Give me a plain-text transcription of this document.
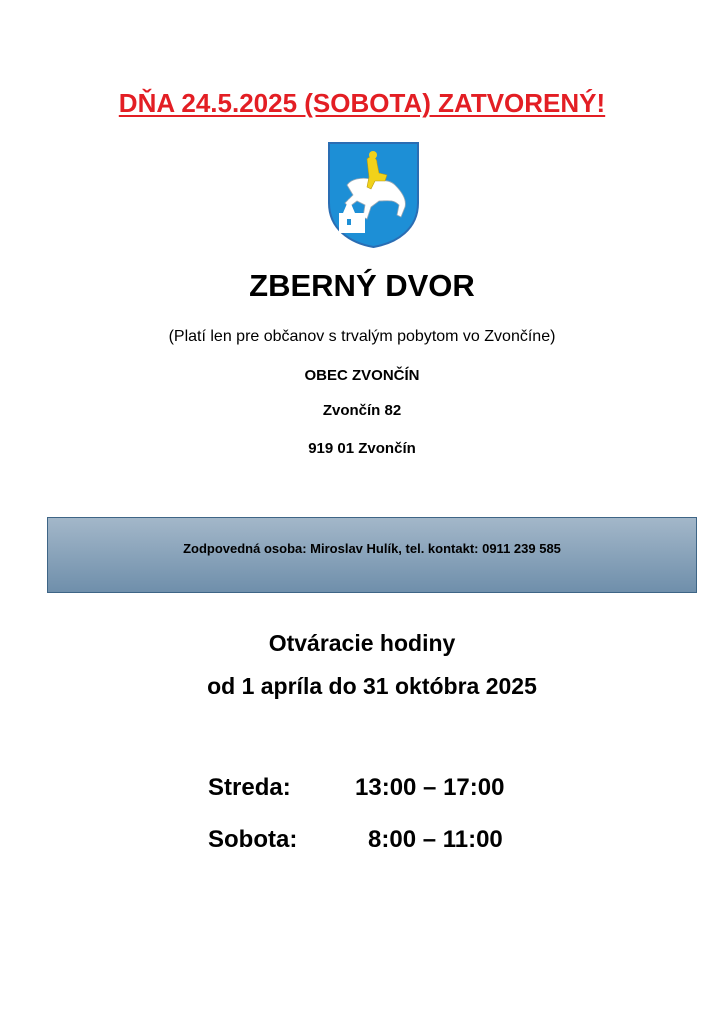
DŇA 24.5.2025 (SOBOTA) ZATVORENÝ!
ZBERNÝ DVOR
(Platí len pre občanov s trvalým pobytom vo Zvončíne)
OBEC ZVONČÍN
Zvončín 82
919 01 Zvončín
Zodpovedná osoba: Miroslav Hulík, tel. kontakt: 0911 239 585
Otváracie hodiny
od 1 apríla do 31 októbra 2025
Streda:	13:00 – 17:00
Sobota:	8:00 – 11:00
